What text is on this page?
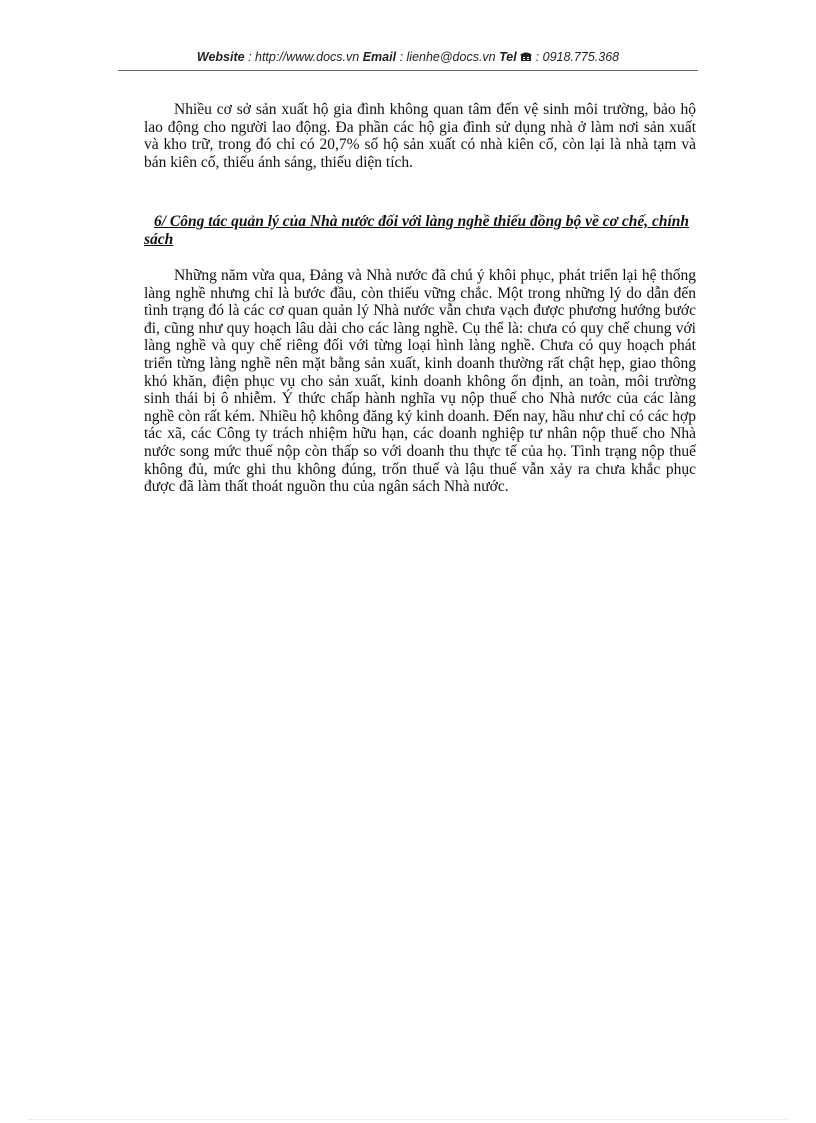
Website : http://www.docs.vn Email : lienhe@docs.vn Tel : 0918.775.368

Nhiều cơ sở sản xuất hộ gia đình không quan tâm đến vệ sinh môi trường, bảo hộ lao động cho người lao động. Đa phần các hộ gia đình sử dụng nhà ở làm nơi sản xuất và kho trữ, trong đó chỉ có 20,7% số hộ sản xuất có nhà kiên cố, còn lại là nhà tạm và bán kiên cố, thiếu ánh sáng, thiếu diện tích.

6/ Công tác quản lý của Nhà nước đối với làng nghề thiếu đồng bộ về cơ chế, chính sách

Những năm vừa qua, Đảng và Nhà nước đã chú ý khôi phục, phát triển lại hệ thống làng nghề nhưng chỉ là bước đầu, còn thiếu vững chắc. Một trong những lý do dẫn đến tình trạng đó là các cơ quan quản lý Nhà nước vẫn chưa vạch được phương hướng bước đi, cũng như quy hoạch lâu dài cho các làng nghề. Cụ thể là: chưa có quy chế chung với làng nghề và quy chế riêng đối với từng loại hình làng nghề. Chưa có quy hoạch phát triển từng làng nghề nên mặt bằng sản xuất, kinh doanh thường rất chật hẹp, giao thông khó khăn, điện phục vụ cho sản xuất, kinh doanh không ổn định, an toàn, môi trường sinh thái bị ô nhiễm. Ý thức chấp hành nghĩa vụ nộp thuế cho Nhà nước của các làng nghề còn rất kém. Nhiều hộ không đăng ký kinh doanh. Đến nay, hầu như chỉ có các hợp tác xã, các Công ty trách nhiệm hữu hạn, các doanh nghiệp tư nhân nộp thuế cho Nhà nước song mức thuế nộp còn thấp so với doanh thu thực tế của họ. Tình trạng nộp thuế không đủ, mức ghi thu không đúng, trốn thuế và lậu thuế vẫn xảy ra chưa khắc phục được đã làm thất thoát nguồn thu của ngân sách Nhà nước.
